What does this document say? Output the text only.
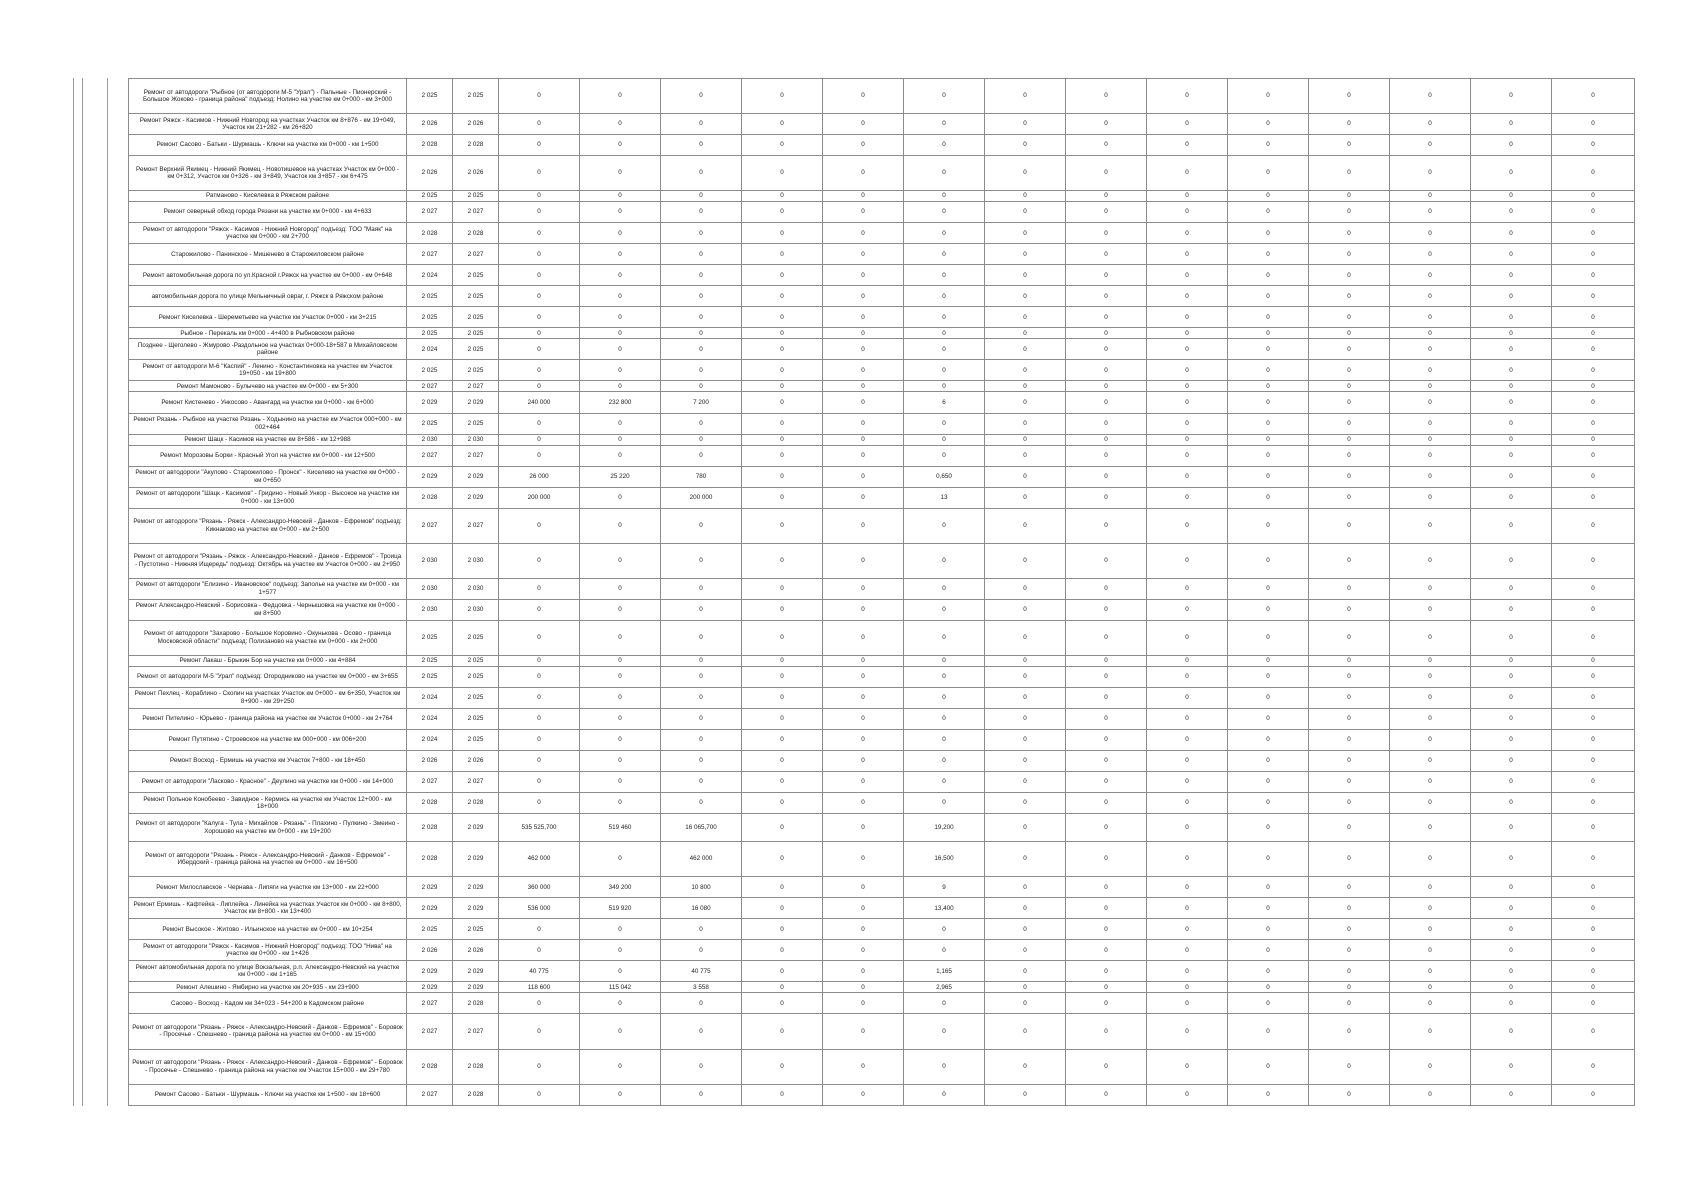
Ремонт от автодороги "Рыбное (от автодороги М-5 "Урал") - Пальные - Пионерский - Большое Жоково - граница района" подъезд: Нолино на участке км 0+000 - км 3+000	2 025	2 025	0	0	0	0	0	0	0	0	0	0	0	0	0	0	
Ремонт Ряжск - Касимов - Нижний Новгород на участках Участок км 8+876 - км 19+049, Участок км 21+282 - км 26+820	2 026	2 026	0	0	0	0	0	0	0	0	0	0	0	0	0	0	
Ремонт Сасово - Батьки - Шурмашь - Ключи на участке км 0+000 - км 1+500	2 028	2 028	0	0	0	0	0	0	0	0	0	0	0	0	0	0	
Ремонт Верхний Якимец - Нижний Якимец - Новотишевое на участках Участок км 0+000 - км 0+312, Участок км 0+326 - км 3+849, Участок км 3+857 - км 6+475	2 026	2 026	0	0	0	0	0	0	0	0	0	0	0	0	0	0	
Ратманово - Киселевка в Ряжском районе	2 025	2 025	0	0	0	0	0	0	0	0	0	0	0	0	0	0	
Ремонт северный обход города Рязани на участке км 0+000 - км 4+633	2 027	2 027	0	0	0	0	0	0	0	0	0	0	0	0	0	0	
Ремонт от автодороги "Ряжск - Касимов - Нижний Новгород" подъезд: ТОО "Маяк" на участке км 0+000 - км 2+700	2 028	2 028	0	0	0	0	0	0	0	0	0	0	0	0	0	0	
Старожилово - Панинское - Мишенево в Старожиловском районе	2 027	2 027	0	0	0	0	0	0	0	0	0	0	0	0	0	0	
Ремонт автомобильная дорога по ул.Красной г.Ряжск на участке км 0+000 - км 0+648	2 024	2 025	0	0	0	0	0	0	0	0	0	0	0	0	0	0	
автомобильная дорога по улице Мельничный овраг, г. Ряжск в Ряжском районе	2 025	2 025	0	0	0	0	0	0	0	0	0	0	0	0	0	0	
Ремонт Киселевка - Шереметьево на участке км Участок 0+000 - км 3+215	2 025	2 025	0	0	0	0	0	0	0	0	0	0	0	0	0	0	
Рыбное - Перекаль км 0+000 - 4+400 в Рыбновском районе	2 025	2 025	0	0	0	0	0	0	0	0	0	0	0	0	0	0	
Позднее - Щеголево - Жмурово -Раздольное на участках 0+000-18+587 в Михайловском районе	2 024	2 025	0	0	0	0	0	0	0	0	0	0	0	0	0	0	
Ремонт от автодороги М-6 "Каспий" - Ленино - Константиновка на участке км Участок 19+050 - км 19+800	2 025	2 025	0	0	0	0	0	0	0	0	0	0	0	0	0	0	
Ремонт Мамоново - Булычево на участке км 0+000 - км 5+300	2 027	2 027	0	0	0	0	0	0	0	0	0	0	0	0	0	0	
Ремонт Кистенево - Ункосово - Авангард на участке км 0+000 - км 6+000	2 029	2 029	240 000	232 800	7 200	0	0	6	0	0	0	0	0	0	0	0	
Ремонт Рязань - Рыбное на участке Рязань - Ходынино на участке км Участок 000+000 - км 002+464	2 025	2 025	0	0	0	0	0	0	0	0	0	0	0	0	0	0	
Ремонт Шацк - Касимов на участке км 8+586 - км 12+988	2 030	2 030	0	0	0	0	0	0	0	0	0	0	0	0	0	0	
Ремонт Морозовы Борки - Красный Угол на участке км 0+000 - км 12+500	2 027	2 027	0	0	0	0	0	0	0	0	0	0	0	0	0	0	
Ремонт от автодороги "Акулово - Старожилово - Пронск" - Киселево на участке км 0+000 - км 0+650	2 029	2 029	26 000	25 220	780	0	0	0,650	0	0	0	0	0	0	0	0	
Ремонт от автодороги "Шацк - Касимов" - Гридино - Новый Ункор - Высокое на участке км 0+000 - км 13+000	2 028	2 029	200 000	0	200 000	0	0	13	0	0	0	0	0	0	0	0	
Ремонт от автодороги "Рязань - Ряжск - Александро-Невский - Данков - Ефремов" подъезд: Кикнаково на участке км 0+000 - км 2+500	2 027	2 027	0	0	0	0	0	0	0	0	0	0	0	0	0	0	
Ремонт от автодороги "Рязань - Ряжск - Александро-Невский - Данков - Ефремов" - Троица - Пустотино - Нижняя Ищередь" подъезд: Октябрь на участке км Участок 0+000 - км 2+950	2 030	2 030	0	0	0	0	0	0	0	0	0	0	0	0	0	0	
Ремонт от автодороги "Елизино - Ивановское" подъезд: Заполье на участке км 0+000 - км 1+577	2 030	2 030	0	0	0	0	0	0	0	0	0	0	0	0	0	0	
Ремонт Александро-Невский - Борисовка - Федцовка - Чернышовка на участке км 0+000 - км 8+500	2 030	2 030	0	0	0	0	0	0	0	0	0	0	0	0	0	0	
Ремонт от автодороги "Захарово - Большое Коровино - Окунькова - Осово - граница Московской области" подъезд: Полизаново на участке км 0+000 - км 2+000	2 025	2 025	0	0	0	0	0	0	0	0	0	0	0	0	0	0	
Ремонт Лакаш - Брыкин Бор на участке км 0+000 - км 4+884	2 025	2 025	0	0	0	0	0	0	0	0	0	0	0	0	0	0	
Ремонт от автодороги М-5 "Урал" подъезд: Огородниково на участке км 0+000 - км 3+655	2 025	2 025	0	0	0	0	0	0	0	0	0	0	0	0	0	0	
Ремонт Пехлец - Кораблино - Скопин на участках Участок км 0+000 - км 6+350, Участок км 8+900 - км 29+250	2 024	2 025	0	0	0	0	0	0	0	0	0	0	0	0	0	0	
Ремонт Пителино - Юрьево - граница района на участке км Участок 0+000 - км 2+764	2 024	2 025	0	0	0	0	0	0	0	0	0	0	0	0	0	0	
Ремонт Путятино - Строевское на участке км 000+000 - км 006+200	2 024	2 025	0	0	0	0	0	0	0	0	0	0	0	0	0	0	
Ремонт Восход - Ермишь на участке км Участок 7+800 - км 18+450	2 026	2 026	0	0	0	0	0	0	0	0	0	0	0	0	0	0	
Ремонт от автодороги "Ласково - Красное" - Деулино на участке км 0+000 - км 14+000	2 027	2 027	0	0	0	0	0	0	0	0	0	0	0	0	0	0	
Ремонт Польное Конобеево - Завидное - Кермись на участке км Участок 12+000 - км 18+000	2 028	2 028	0	0	0	0	0	0	0	0	0	0	0	0	0	0	
Ремонт от автодороги "Калуга - Тула - Михайлов - Рязань" - Плахино - Пулкино - Змеино - Хорошово на участке км 0+000 - км 19+200	2 028	2 029	535 525,700	519 460	16 065,700	0	0	19,200	0	0	0	0	0	0	0	0	
Ремонт от автодороги "Рязань - Ряжск - Александро-Невский - Данков - Ефремов" - Ибердский - граница района на участке км 0+000 - км 16+500	2 028	2 029	462 000	0	462 000	0	0	16,500	0	0	0	0	0	0	0	0	
Ремонт Милославское - Чернава - Липяги на участке км 13+000 - км 22+000	2 029	2 029	360 000	349 200	10 800	0	0	9	0	0	0	0	0	0	0	0	
Ремонт Ермишь - Кафтейка - Липлейка - Линейка на участках Участок км 0+000 - км 8+800, Участок км 8+800 - км 13+400	2 029	2 029	536 000	519 920	16 080	0	0	13,400	0	0	0	0	0	0	0	0	
Ремонт Высокое - Житово - Ильинское на участке км 0+000 - км 10+254	2 025	2 025	0	0	0	0	0	0	0	0	0	0	0	0	0	0	
Ремонт от автодороги "Ряжск - Касимов - Нижний Новгород" подъезд: ТОО "Нива" на участке км 0+000 - км 1+426	2 026	2 026	0	0	0	0	0	0	0	0	0	0	0	0	0	0	
Ремонт автомобильная дорога по улице Вокзальная, р.п. Александро-Невский на участке км 0+000 - км 1+165	2 029	2 029	40 775	0	40 775	0	0	1,165	0	0	0	0	0	0	0	0	
Ремонт Алешино - Ямбирно на участке км 20+935 - км 23+900	2 029	2 029	118 600	115 042	3 558	0	0	2,965	0	0	0	0	0	0	0	0	
Сасово - Восход - Кадом км 34+023 - 54+200 в Кадомском районе	2 027	2 028	0	0	0	0	0	0	0	0	0	0	0	0	0	0	
Ремонт от автодороги "Рязань - Ряжск - Александро-Невский - Данков - Ефремов" - Боровок - Просечье - Спешнево - граница района на участке км 0+000 - км 15+000	2 027	2 027	0	0	0	0	0	0	0	0	0	0	0	0	0	0	
Ремонт от автодороги "Рязань - Ряжск - Александро-Невский - Данков - Ефремов" - Боровок - Просечье - Спешнево - граница района на участке км Участок 15+000 - км 29+780	2 028	2 028	0	0	0	0	0	0	0	0	0	0	0	0	0	0	
Ремонт Сасово - Батьки - Шурмашь - Ключи на участке км 1+500 - км 18+600	2 027	2 028	0	0	0	0	0	0	0	0	0	0	0	0	0	0	
